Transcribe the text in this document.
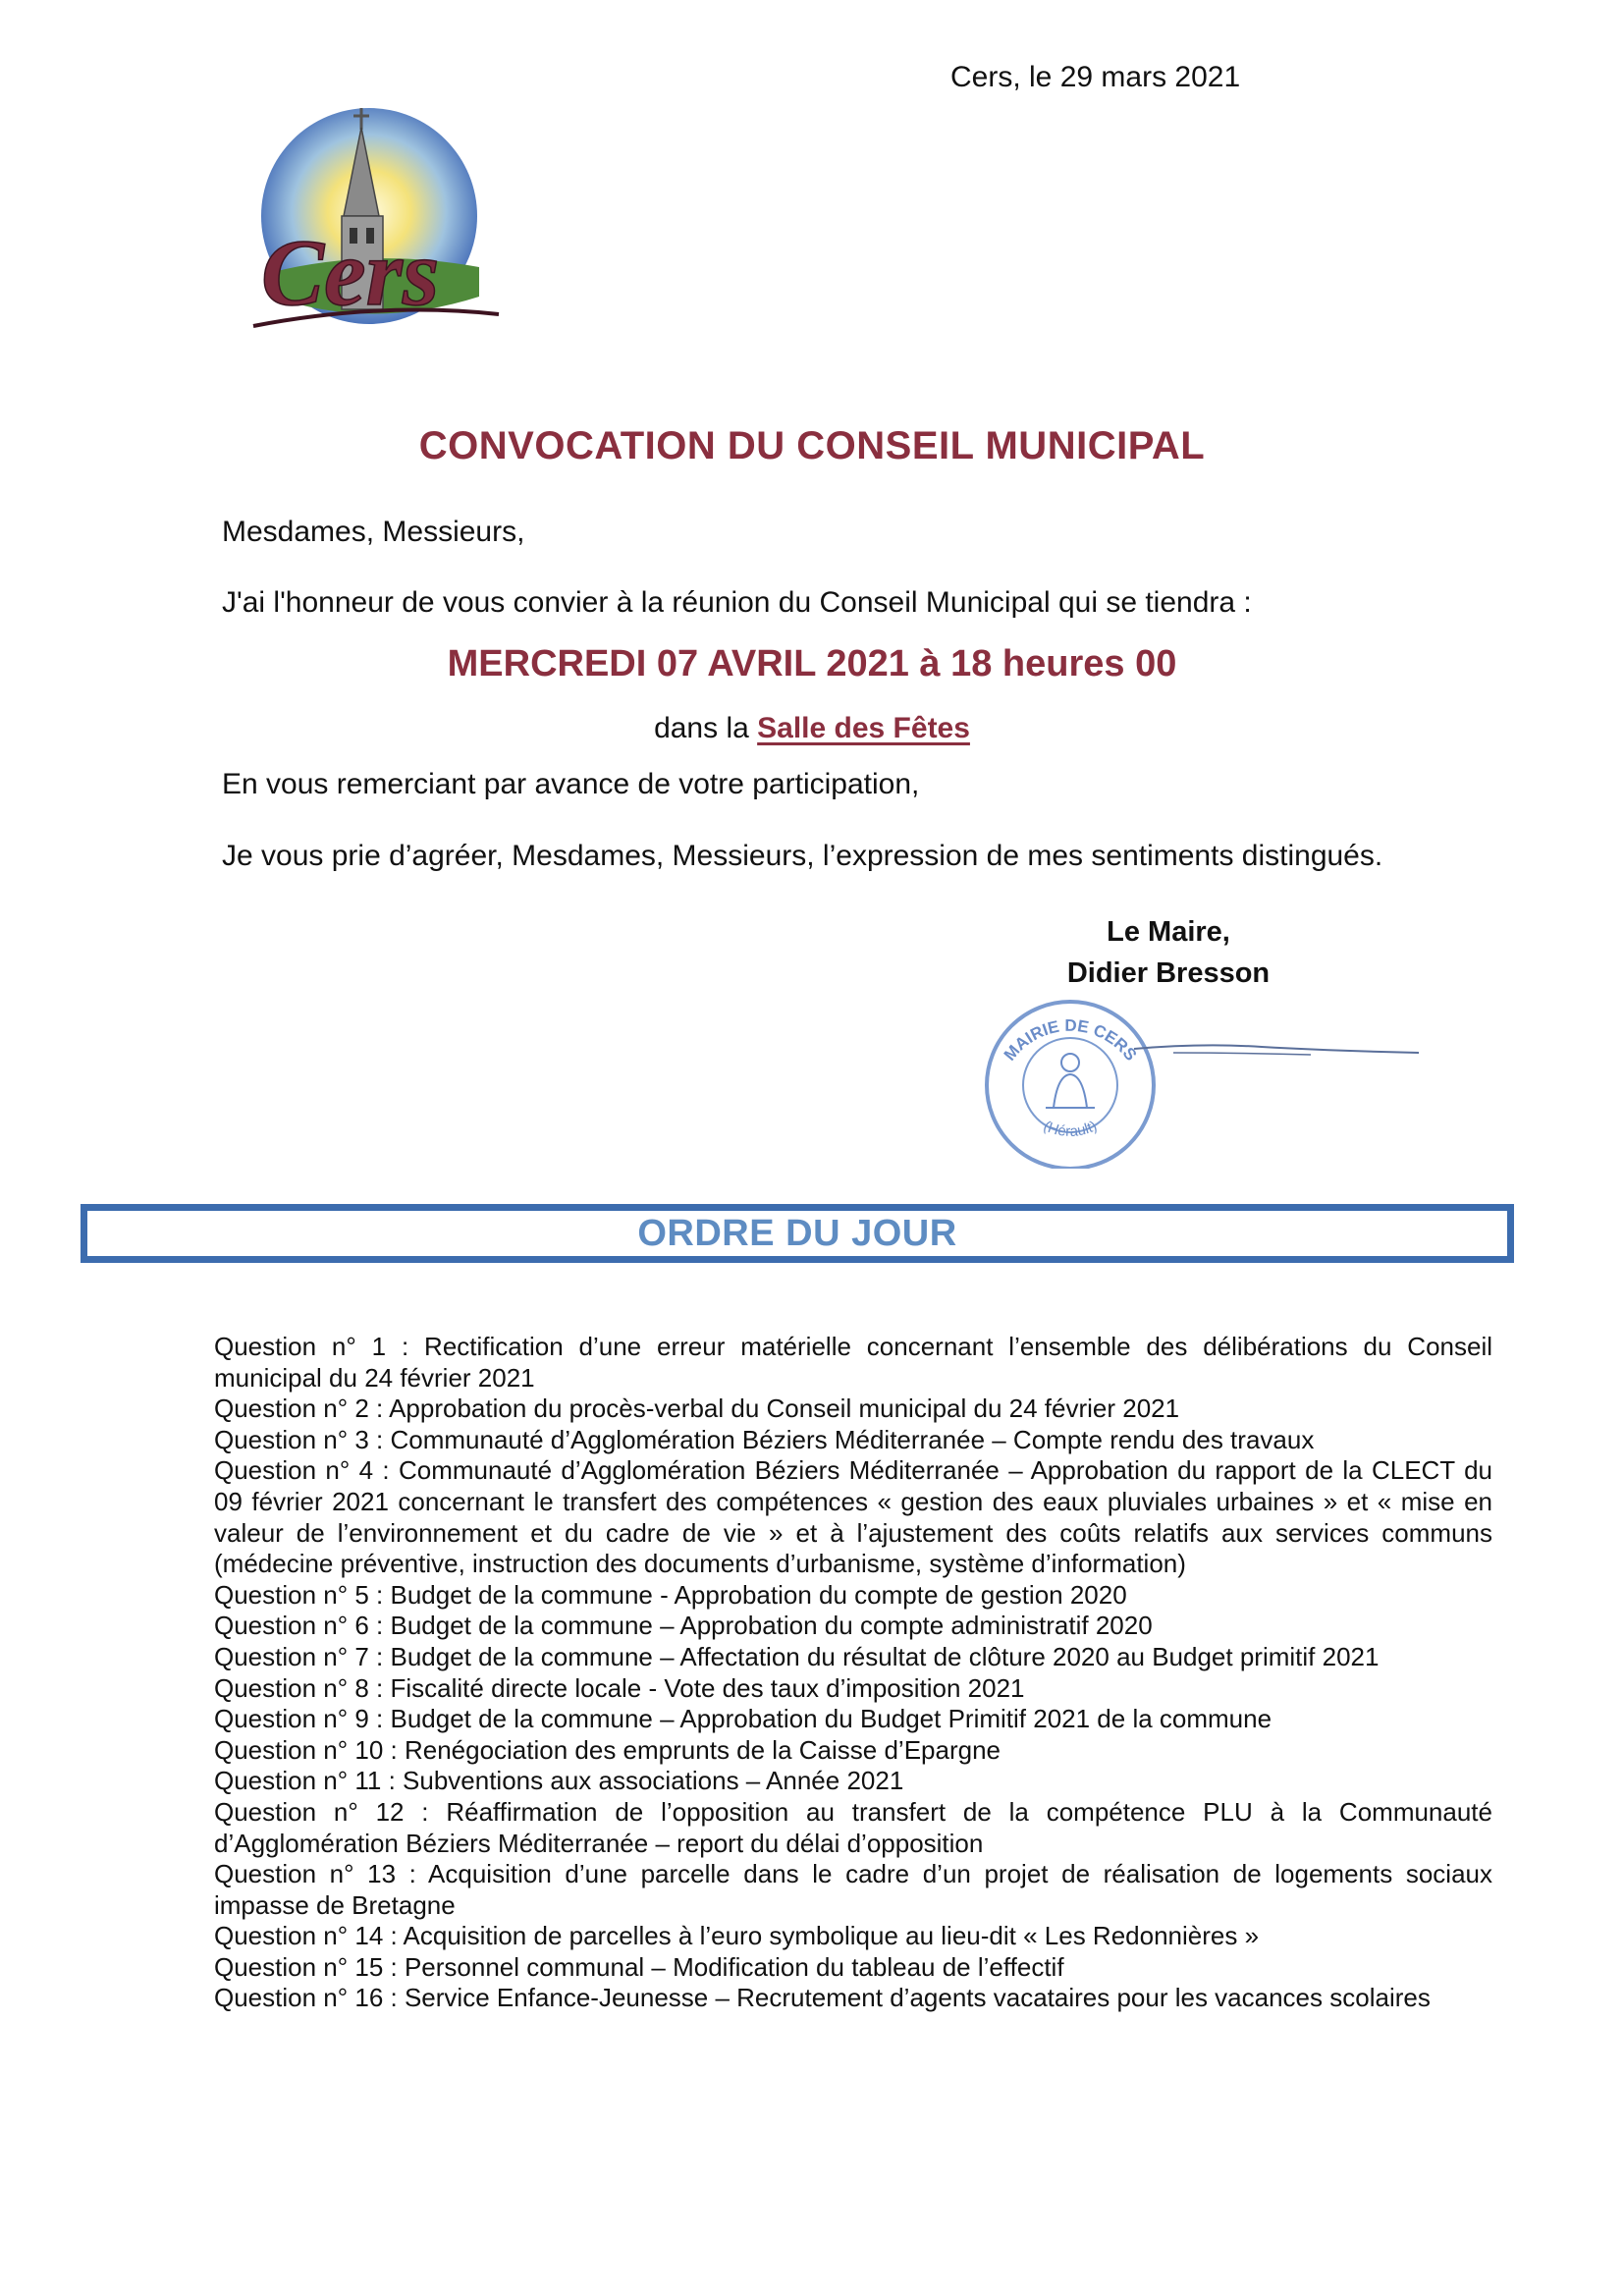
Cers, le 29 mars 2021
Cers
CONVOCATION DU CONSEIL MUNICIPAL
Mesdames, Messieurs,
J'ai l'honneur de vous convier à la réunion du Conseil Municipal qui se tiendra :
MERCREDI 07 AVRIL 2021 à 18 heures 00
dans la Salle des Fêtes
En vous remerciant par avance de votre participation,
Je vous prie d’agréer, Mesdames, Messieurs, l’expression de mes sentiments distingués.
Le Maire,
Didier Bresson
MAIRIE DE CERS
(Hérault)
ORDRE DU JOUR

Question n° 1 : Rectification d’une erreur matérielle concernant l’ensemble des délibérations du Conseil municipal du 24 février 2021

Question n° 2 : Approbation du procès-verbal du Conseil municipal du 24 février 2021

Question n° 3 : Communauté d’Agglomération Béziers Méditerranée – Compte rendu des travaux

Question n° 4 : Communauté d’Agglomération Béziers Méditerranée – Approbation du rapport de la CLECT du 09 février 2021 concernant le transfert des compétences « gestion des eaux pluviales urbaines » et « mise en valeur de l’environnement et du cadre de vie » et à l’ajustement des coûts relatifs aux services communs (médecine préventive, instruction des documents d’urbanisme, système d’information)

Question n° 5 : Budget de la commune - Approbation du compte de gestion 2020

Question n° 6 : Budget de la commune – Approbation du compte administratif 2020

Question n° 7 : Budget de la commune – Affectation du résultat de clôture 2020 au Budget primitif 2021

Question n° 8 : Fiscalité directe locale - Vote des taux d’imposition 2021

Question n° 9 : Budget de la commune – Approbation du Budget Primitif 2021 de la commune

Question n° 10 : Renégociation des emprunts de la Caisse d’Epargne

Question n° 11 : Subventions aux associations – Année 2021

Question n° 12 : Réaffirmation de l’opposition au transfert de la compétence PLU à la Communauté d’Agglomération Béziers Méditerranée – report du délai d’opposition

Question n° 13 : Acquisition d’une parcelle dans le cadre d’un projet de réalisation de logements sociaux impasse de Bretagne

Question n° 14 : Acquisition de parcelles à l’euro symbolique au lieu-dit « Les Redonnières »

Question n° 15 : Personnel communal – Modification du tableau de l’effectif

Question n° 16 : Service Enfance-Jeunesse – Recrutement d’agents vacataires pour les vacances scolaires
